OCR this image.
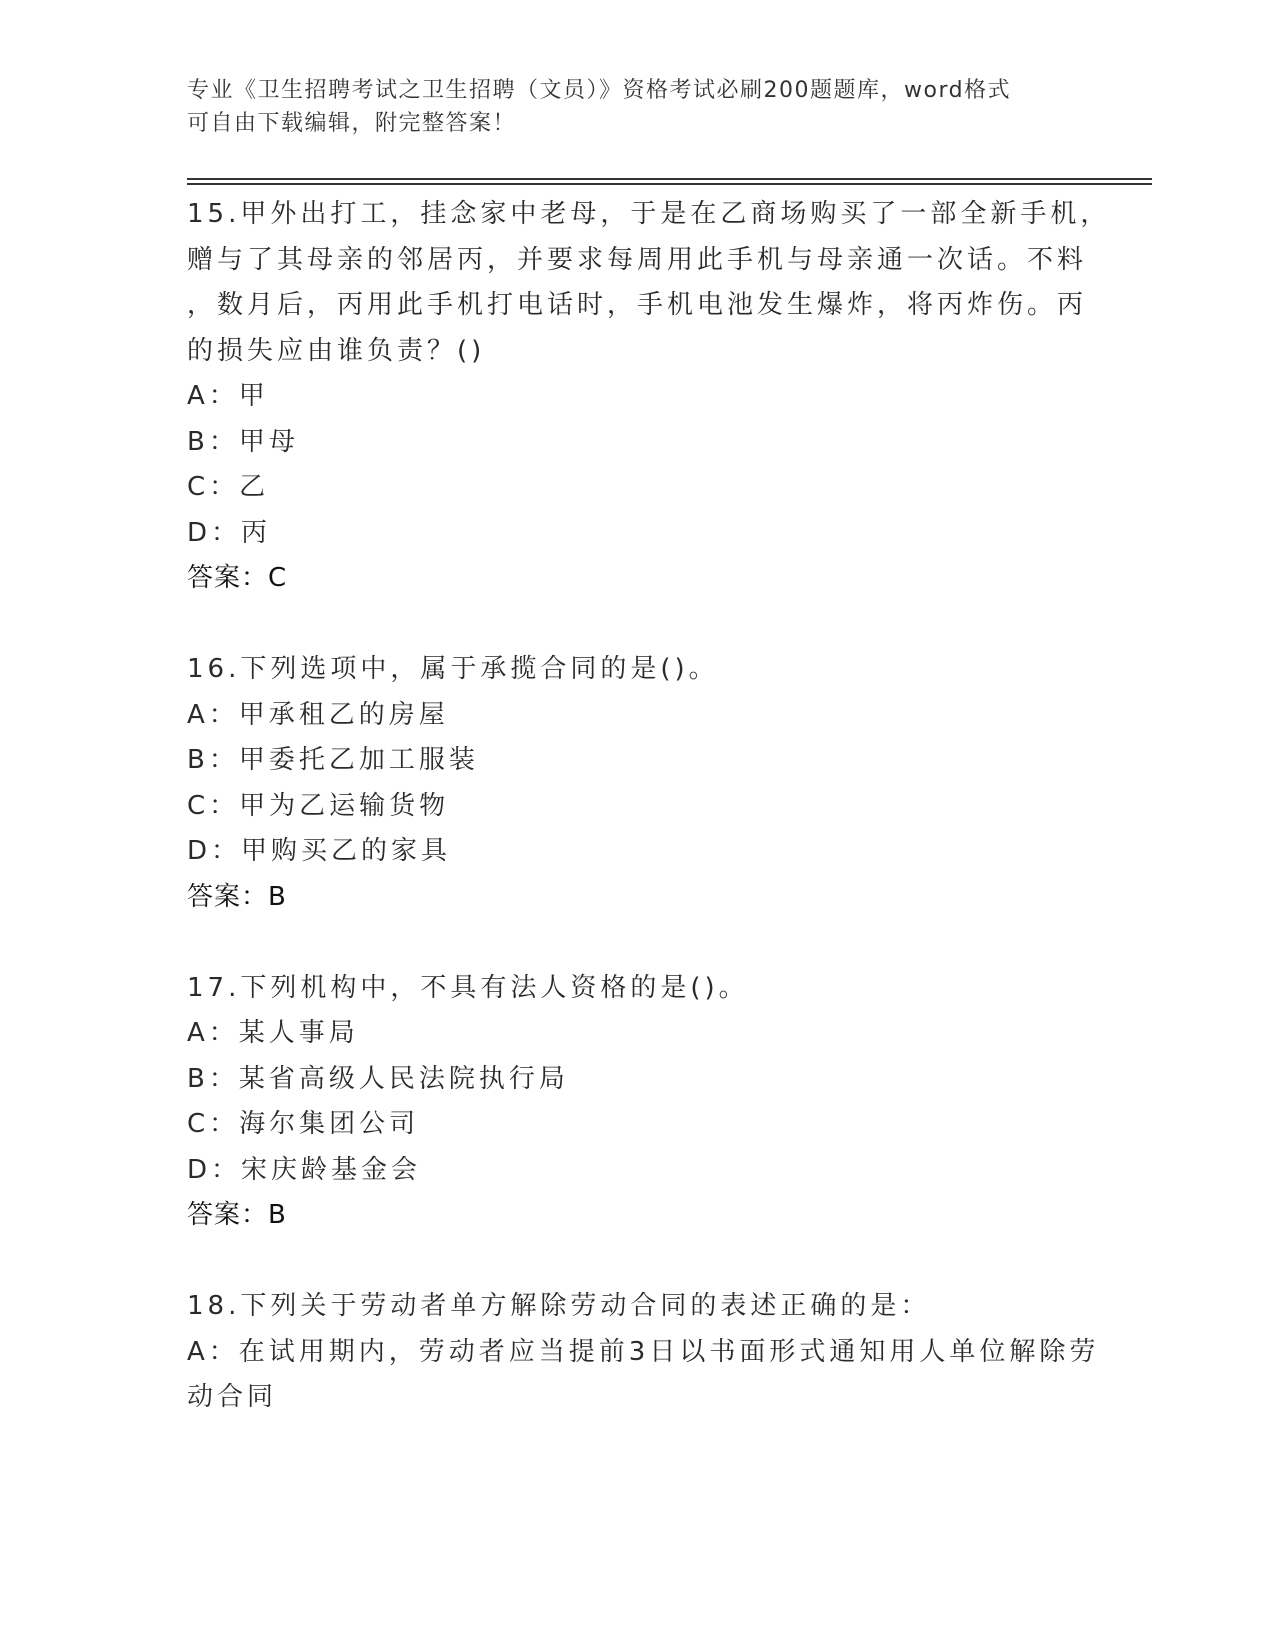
专业《卫生招聘考试之卫生招聘（文员）》资格考试必刷200题题库，word格式
可自由下载编辑，附完整答案！
15.甲外出打工，挂念家中老母，于是在乙商场购买了一部全新手机，
赠与了其母亲的邻居丙，并要求每周用此手机与母亲通一次话。不料
，数月后，丙用此手机打电话时，手机电池发生爆炸，将丙炸伤。丙
的损失应由谁负责？()
A：甲
B：甲母
C：乙
D：丙
答案：C
16.下列选项中，属于承揽合同的是()。
A：甲承租乙的房屋
B：甲委托乙加工服装
C：甲为乙运输货物
D：甲购买乙的家具
答案：B
17.下列机构中，不具有法人资格的是()。
A：某人事局
B：某省高级人民法院执行局
C：海尔集团公司
D：宋庆龄基金会
答案：B
18.下列关于劳动者单方解除劳动合同的表述正确的是：
A：在试用期内，劳动者应当提前3日以书面形式通知用人单位解除劳
动合同
